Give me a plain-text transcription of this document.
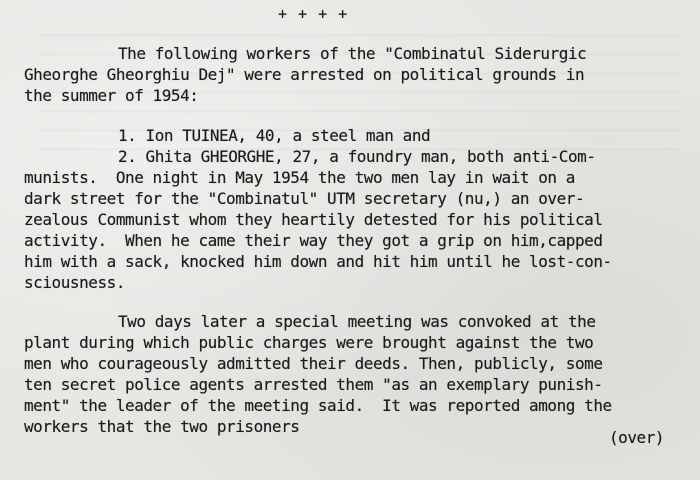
+ + + +
The following workers of the "Combinatul Siderurgic
Gheorghe Gheorghiu Dej" were arrested on political grounds in
the summer of 1954:
1. Ion TUINEA, 40, a steel man and
2. Ghita GHEORGHE, 27, a foundry man, both anti-Com-
munists.  One night in May 1954 the two men lay in wait on a
dark street for the "Combinatul" UTM secretary (nu,) an over-
zealous Communist whom they heartily detested for his political
activity.  When he came their way they got a grip on him,capped
him with a sack, knocked him down and hit him until he lost-con-
sciousness.
Two days later a special meeting was convoked at the
plant during which public charges were brought against the two
men who courageously admitted their deeds. Then, publicly, some
ten secret police agents arrested them "as an exemplary punish-
ment" the leader of the meeting said.  It was reported among the
workers that the two prisoners
(over)
